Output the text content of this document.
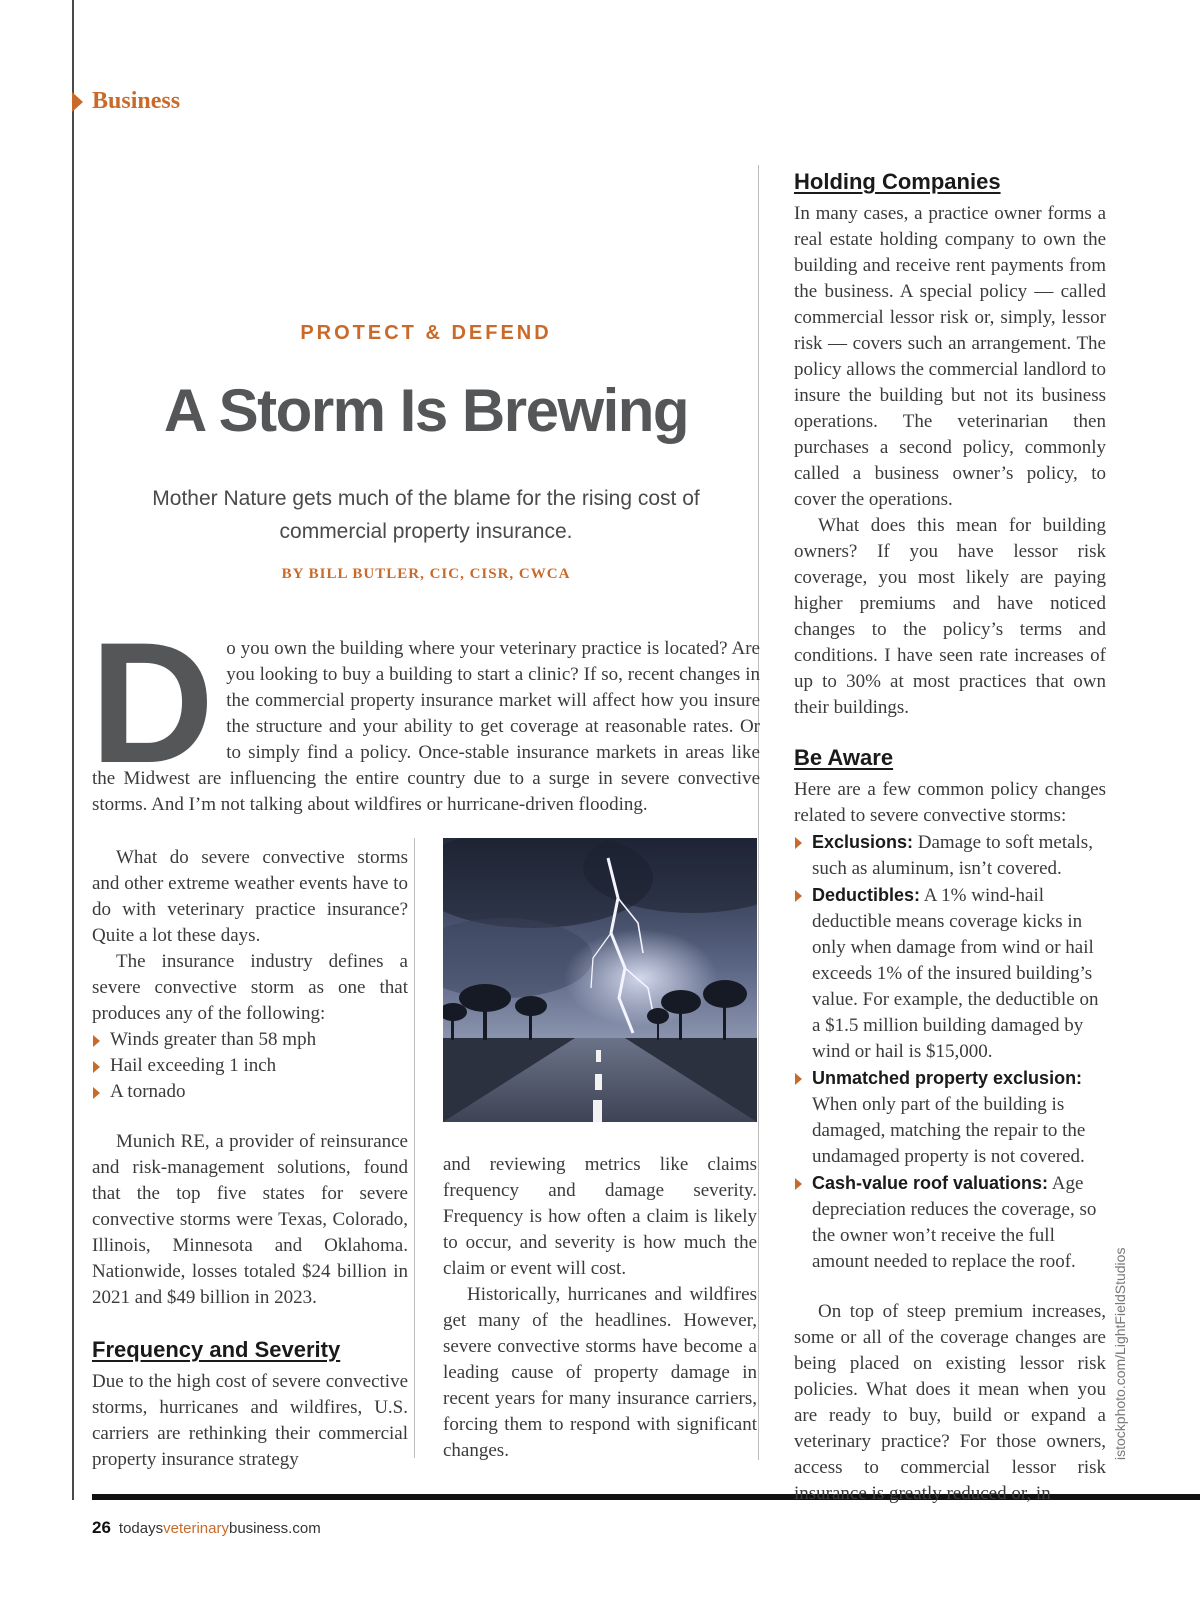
Business
PROTECT & DEFEND
A Storm Is Brewing
Mother Nature gets much of the blame for the rising cost of commercial property insurance.
BY BILL BUTLER, CIC, CISR, CWCA
D o you own the building where your veterinary practice is located? Are you looking to buy a building to start a clinic? If so, recent changes in the commercial property insurance market will affect how you insure the structure and your ability to get coverage at reasonable rates. Or to simply find a policy. Once-stable insurance markets in areas like the Midwest are influencing the entire country due to a surge in severe convective storms. And I’m not talking about wildfires or hurricane-driven flooding.

What do severe convective storms and other extreme weather events have to do with veterinary practice insurance? Quite a lot these days.

The insurance industry defines a severe convective storm as one that produces any of the following:

Winds greater than 58 mph
Hail exceeding 1 inch
A tornado

Munich RE, a provider of reinsurance and risk-management solutions, found that the top five states for severe convective storms were Texas, Colorado, Illinois, Minnesota and Oklahoma. Nationwide, losses totaled $24 billion in 2021 and $49 billion in 2023.

Frequency and Severity

Due to the high cost of severe convective storms, hurricanes and wildfires, U.S. carriers are rethinking their commercial property insurance strategy

and reviewing metrics like claims frequency and damage severity. Frequency is how often a claim is likely to occur, and severity is how much the claim or event will cost.

Historically, hurricanes and wildfires get many of the headlines. However, severe convective storms have become a leading cause of property damage in recent years for many insurance carriers, forcing them to respond with significant changes.

Holding Companies

In many cases, a practice owner forms a real estate holding company to own the building and receive rent payments from the business. A special policy — called commercial lessor risk or, simply, lessor risk — covers such an arrangement. The policy allows the commercial landlord to insure the building but not its business operations. The veterinarian then purchases a second policy, commonly called a business owner’s policy, to cover the operations.

What does this mean for building owners? If you have lessor risk coverage, you most likely are paying higher premiums and have noticed changes to the policy’s terms and conditions. I have seen rate increases of up to 30% at most practices that own their buildings.

Be Aware

Here are a few common policy changes related to severe convective storms:

Exclusions: Damage to soft metals, such as aluminum, isn’t covered.
Deductibles: A 1% wind-hail deductible means coverage kicks in only when damage from wind or hail exceeds 1% of the insured building’s value. For example, the deductible on a $1.5 million building damaged by wind or hail is $15,000.
Unmatched property exclusion: When only part of the building is damaged, matching the repair to the undamaged property is not covered.
Cash-value roof valuations: Age depreciation reduces the coverage, so the owner won’t receive the full amount needed to replace the roof.

On top of steep premium increases, some or all of the coverage changes are being placed on existing lessor risk policies. What does it mean when you are ready to buy, build or expand a veterinary practice? For those owners, access to commercial lessor risk insurance is greatly reduced or, in

istockphoto.com/LightFieldStudios
26 todaysveterinarybusiness.com
